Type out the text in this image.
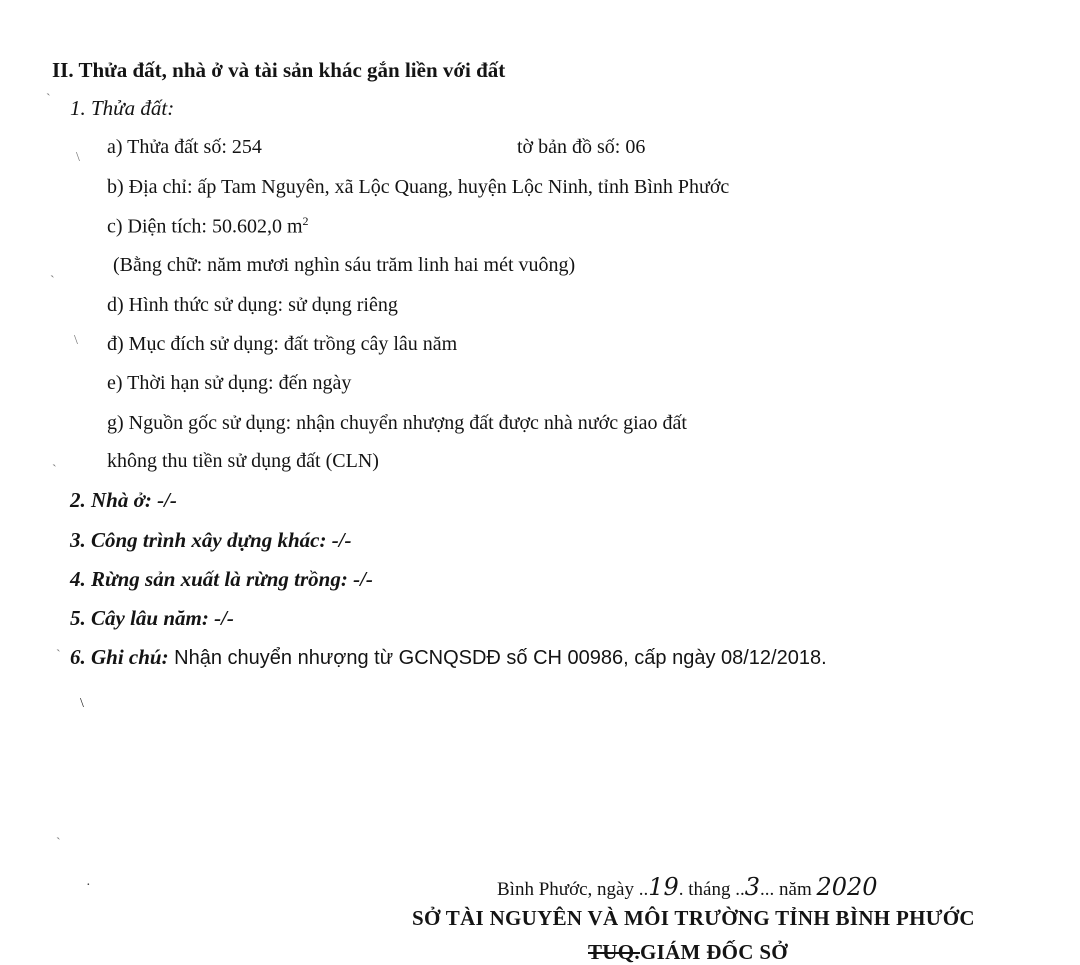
II. Thửa đất, nhà ở và tài sản khác gắn liền với đất
1. Thửa đất:
a) Thửa đất số: 254	tờ bản đồ số: 06
b) Địa chỉ: ấp Tam Nguyên, xã Lộc Quang, huyện Lộc Ninh, tỉnh Bình Phước
c) Diện tích: 50.602,0 $m^2$
(Bằng chữ: năm mươi nghìn sáu trăm linh hai mét vuông)
d) Hình thức sử dụng: sử dụng riêng
đ) Mục đích sử dụng: đất trồng cây lâu năm
e) Thời hạn sử dụng: đến ngày
g) Nguồn gốc sử dụng: nhận chuyển nhượng đất được nhà nước giao đất
không thu tiền sử dụng đất (CLN)
2. Nhà ở: -/-
3. Công trình xây dựng khác: -/-
4. Rừng sản xuất là rừng trồng: -/-
5. Cây lâu năm: -/-
6. Ghi chú: Nhận chuyển nhượng từ GCNQSDĐ số CH 00986, cấp ngày 08/12/2018.
Bình Phước, ngày ..19. tháng ..3... năm 2020
SỞ TÀI NGUYÊN VÀ MÔI TRƯỜNG TỈNH BÌNH PHƯỚC
TUQ.GIÁM ĐỐC SỞ
`
\
`
\
`
`
\
`
·
